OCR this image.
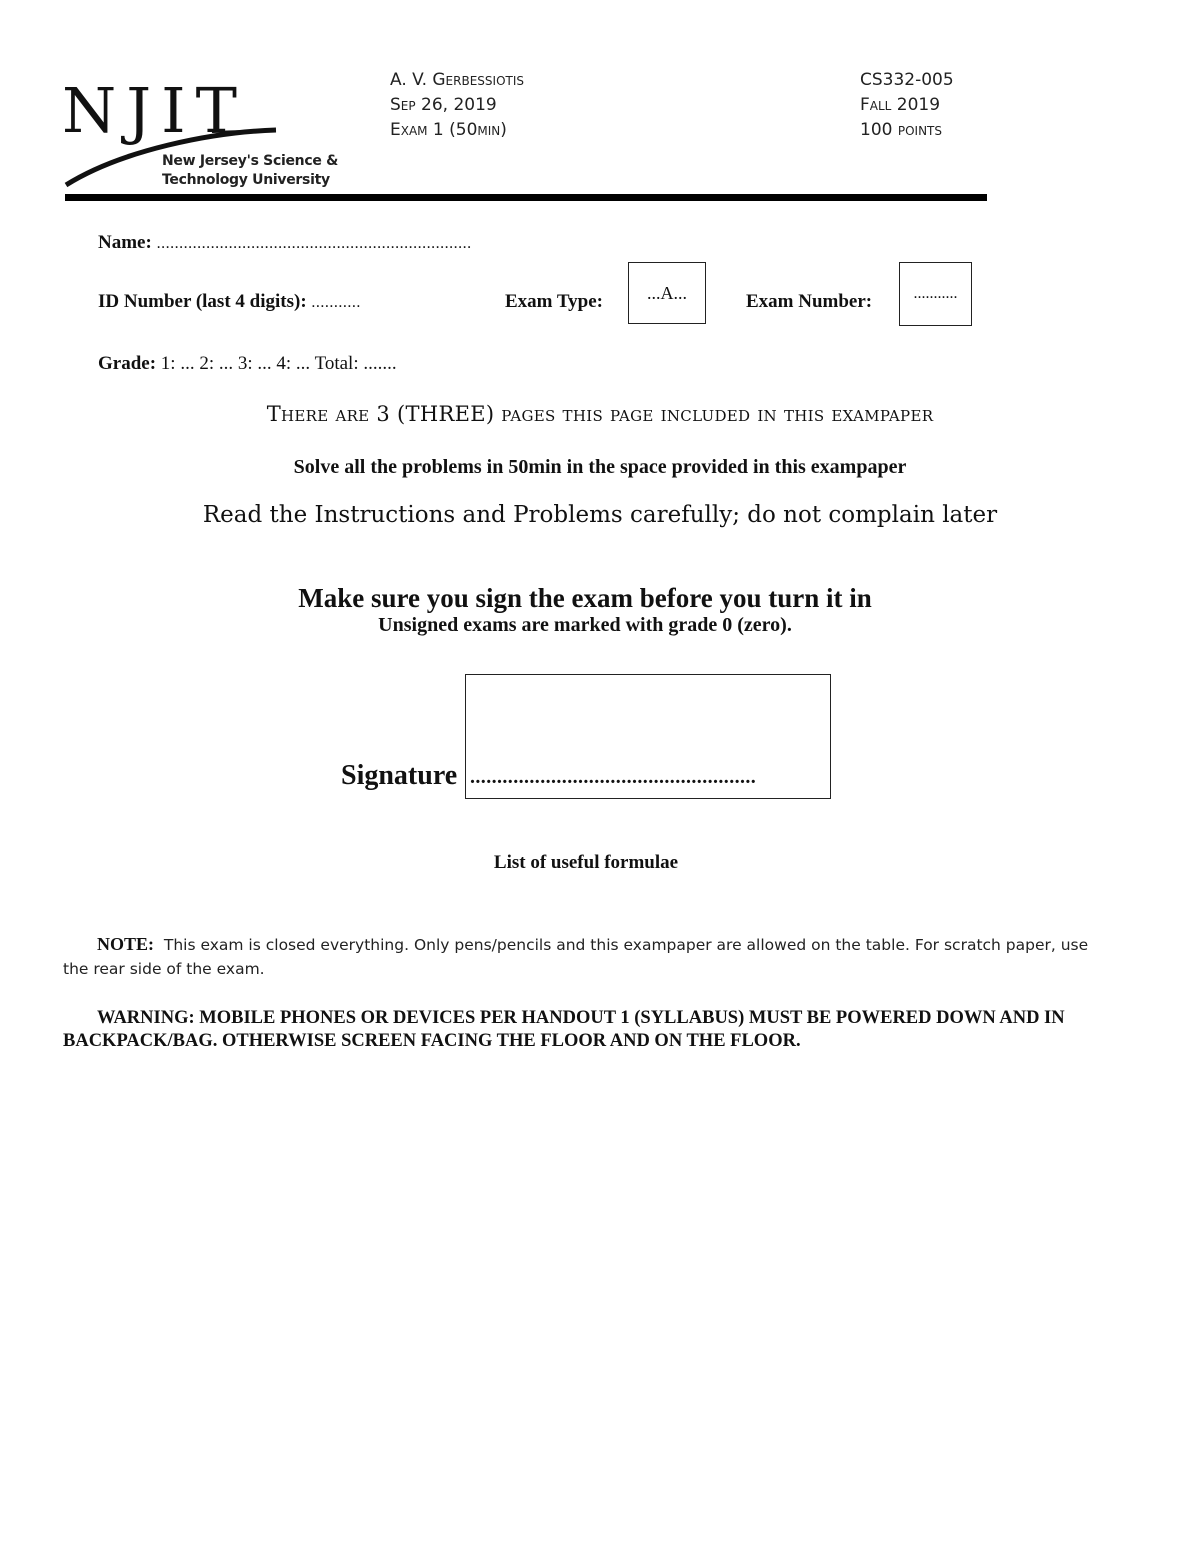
NJIT
New Jersey's Science &
Technology University
A. V. Gerbessiotis
Sep 26, 2019
Exam 1 (50min)
CS332-005
Fall 2019
100 points
Name: ......................................................................
ID Number (last 4 digits): ...........	Exam Type: ...A...	Exam Number:	...........
Grade: 1: ... 2: ... 3: ... 4: ... Total: .......
There are 3 (THREE) pages this page included in this exampaper
Solve all the problems in 50min in the space provided in this exampaper
Read the Instructions and Problems carefully; do not complain later
Make sure you sign the exam before you turn it in
Unsigned exams are marked with grade 0 (zero).
Signature .....................................................
List of useful formulae
NOTE: This exam is closed everything. Only pens/pencils and this exampaper are allowed on the table. For scratch paper, use the rear side of the exam.
WARNING: MOBILE PHONES OR DEVICES PER HANDOUT 1 (SYLLABUS) MUST BE POWERED DOWN AND IN BACKPACK/BAG. OTHERWISE SCREEN FACING THE FLOOR AND ON THE FLOOR.
